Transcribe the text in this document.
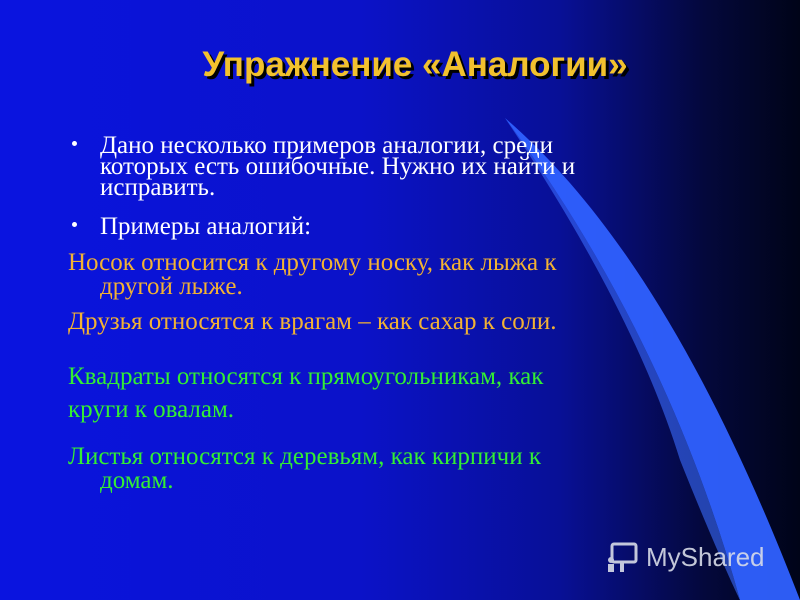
Упражнение «Аналогии»
Дано несколько примеров аналогии, среди
которых есть ошибочные. Нужно их найти и
исправить.
Примеры аналогий:
Носок относится к другому носку, как лыжа к
другой лыже.
Друзья относятся к врагам – как сахар к соли.
Квадраты относятся к прямоугольникам, как
круги к овалам.
Листья относятся к деревьям, как кирпичи к
домам.
MyShared
